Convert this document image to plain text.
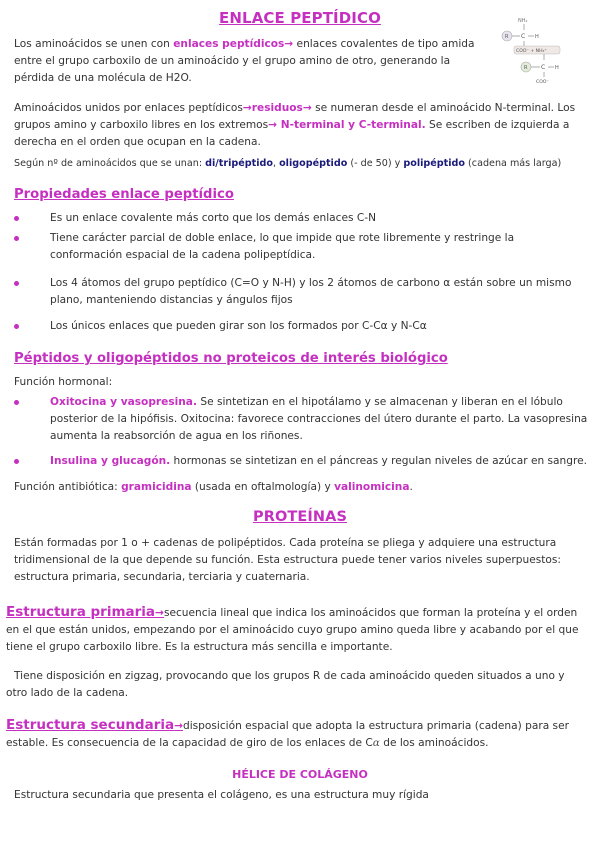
NH₂
R C H
COO⁻ + NH₃⁺
R C H
COO⁻
ENLACE PEPTÍDICO
Los aminoácidos se unen con enlaces peptídicos→ enlaces covalentes de tipo amida entre el grupo carboxilo de un aminoácido y el grupo amino de otro, generando la pérdida de una molécula de H2O.
Aminoácidos unidos por enlaces peptídicos→residuos→ se numeran desde el aminoácido N-terminal. Los grupos amino y carboxilo libres en los extremos→ N-terminal y C-terminal. Se escriben de izquierda a derecha en el orden que ocupan en la cadena.
Según nº de aminoácidos que se unan: di/tripéptido, oligopéptido (- de 50) y polipéptido (cadena más larga)
Propiedades enlace peptídico
Es un enlace covalente más corto que los demás enlaces C-N
Tiene carácter parcial de doble enlace, lo que impide que rote libremente y restringe la conformación espacial de la cadena polipeptídica.
Los 4 átomos del grupo peptídico (C=O y N-H) y los 2 átomos de carbono α están sobre un mismo plano, manteniendo distancias y ángulos fijos
Los únicos enlaces que pueden girar son los formados por C-Cα y N-Cα
Péptidos y oligopéptidos no proteicos de interés biológico
Función hormonal:
Oxitocina y vasopresina. Se sintetizan en el hipotálamo y se almacenan y liberan en el lóbulo posterior de la hipófisis. Oxitocina: favorece contracciones del útero durante el parto. La vasopresina aumenta la reabsorción de agua en los riñones.
Insulina y glucagón. hormonas se sintetizan en el páncreas y regulan niveles de azúcar en sangre.
Función antibiótica: gramicidina (usada en oftalmología) y valinomicina.
PROTEÍNAS
Están formadas por 1 o + cadenas de polipéptidos. Cada proteína se pliega y adquiere una estructura tridimensional de la que depende su función. Esta estructura puede tener varios niveles superpuestos: estructura primaria, secundaria, terciaria y cuaternaria.
Estructura primaria→secuencia lineal que indica los aminoácidos que forman la proteína y el orden en el que están unidos, empezando por el aminoácido cuyo grupo amino queda libre y acabando por el que tiene el grupo carboxilo libre. Es la estructura más sencilla e importante.
Tiene disposición en zigzag, provocando que los grupos R de cada aminoácido queden situados a uno y otro lado de la cadena.
Estructura secundaria→disposición espacial que adopta la estructura primaria (cadena) para ser estable. Es consecuencia de la capacidad de giro de los enlaces de Cα de los aminoácidos.
HÉLICE DE COLÁGENO
Estructura secundaria que presenta el colágeno, es una estructura muy rígida
